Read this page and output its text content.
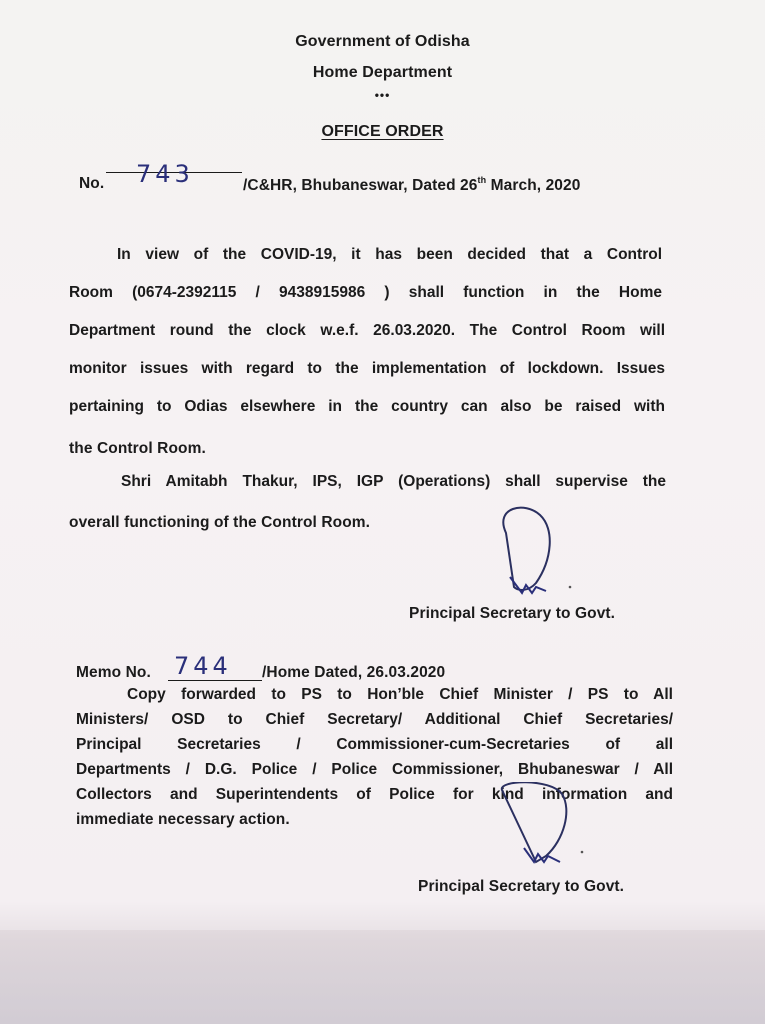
Government of Odisha
Home Department
•••
OFFICE ORDER
No. 743	/C&HR, Bhubaneswar, Dated 26th March, 2020
In view of the COVID-19, it has been decided that a Control
Room (0674-2392115 / 9438915986 ) shall function in the Home
Department round the clock w.e.f. 26.03.2020. The Control Room will
monitor issues with regard to the implementation of lockdown. Issues
pertaining to Odias elsewhere in the country can also be raised with
the Control Room.
Shri Amitabh Thakur, IPS, IGP (Operations) shall supervise the
overall functioning of the Control Room.
Principal Secretary to Govt.
Memo No. 744 /Home Dated, 26.03.2020
Copy forwarded to PS to Hon’ble Chief Minister / PS to All
Ministers/ OSD to Chief Secretary/ Additional Chief Secretaries/
Principal Secretaries / Commissioner-cum-Secretaries of all
Departments / D.G. Police / Police Commissioner, Bhubaneswar / All
Collectors and Superintendents of Police for kind information and
immediate necessary action.
Principal Secretary to Govt.
